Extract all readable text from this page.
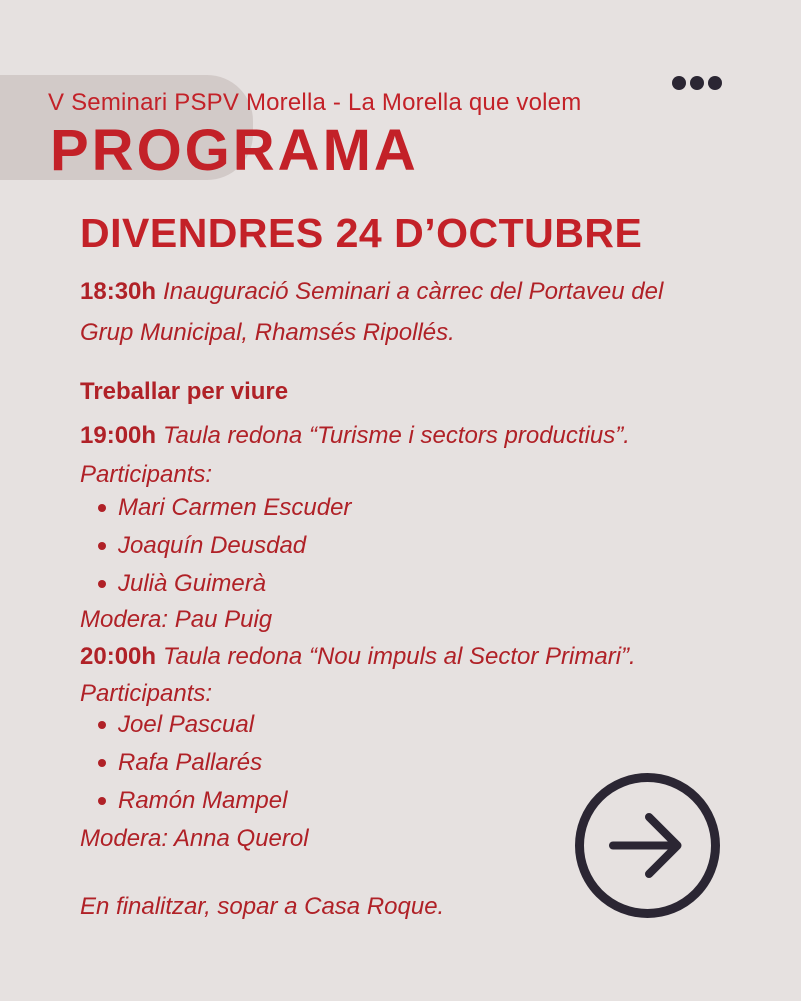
V Seminari PSPV Morella - La Morella que volem
PROGRAMA
DIVENDRES 24 D’OCTUBRE
18:30h Inauguració Seminari a càrrec del Portaveu del Grup Municipal, Rhamsés Ripollés.
Treballar per viure
19:00h Taula redona “Turisme i sectors productius”.
Participants:
Mari Carmen Escuder
Joaquín Deusdad
Julià Guimerà
Modera: Pau Puig
20:00h Taula redona “Nou impuls al Sector Primari”.
Participants:
Joel Pascual
Rafa Pallarés
Ramón Mampel
Modera: Anna Querol
En finalitzar, sopar a Casa Roque.
